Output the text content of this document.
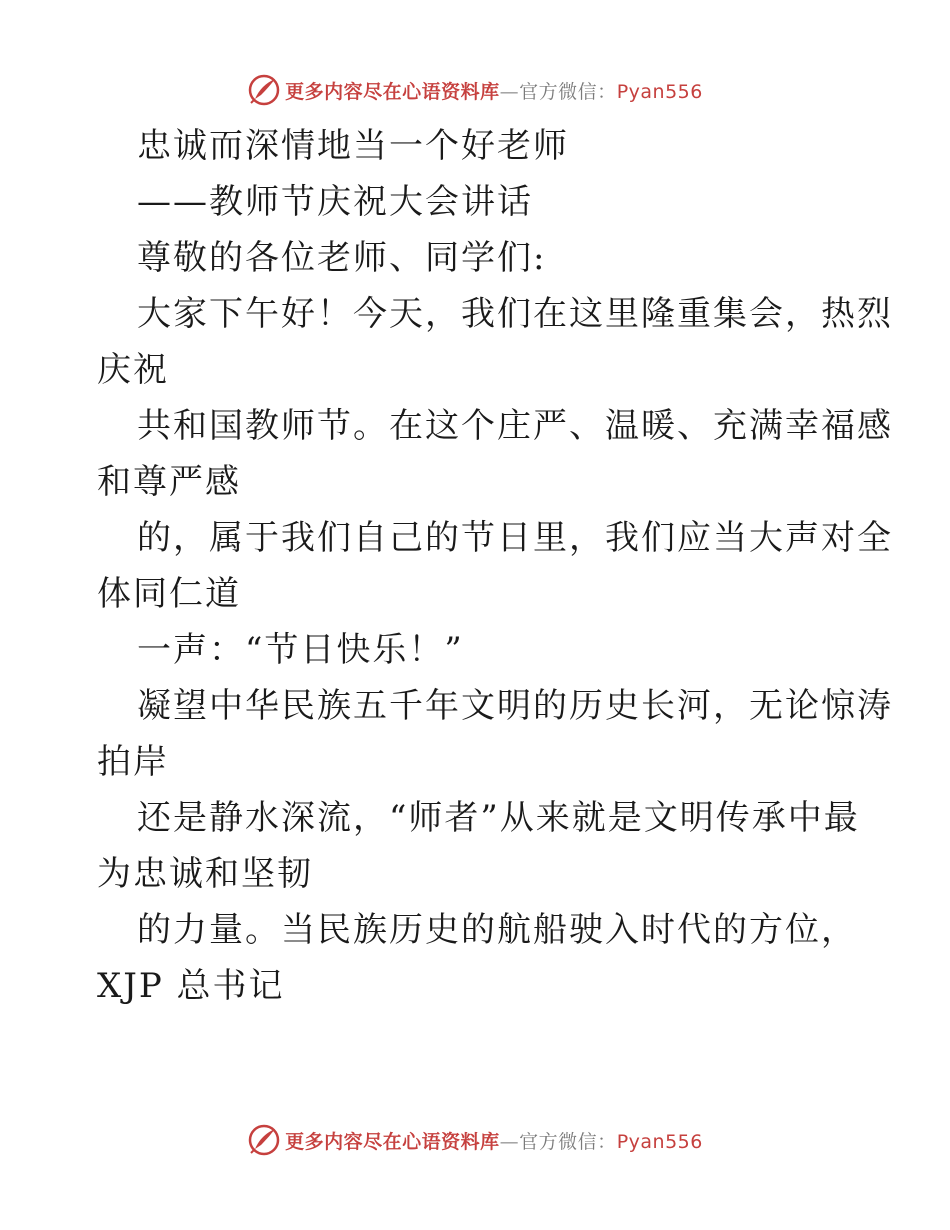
更多内容尽在心语资料库—官方微信：Pyan556
忠诚而深情地当一个好老师
——教师节庆祝大会讲话
尊敬的各位老师、同学们:
大家下午好！今天，我们在这里隆重集会，热烈
庆祝
共和国教师节。在这个庄严、温暖、充满幸福感
和尊严感
的，属于我们自己的节日里，我们应当大声对全
体同仁道
一声：“节日快乐！”
凝望中华民族五千年文明的历史长河，无论惊涛
拍岸
还是静水深流，“师者”从来就是文明传承中最
为忠诚和坚韧
的力量。当民族历史的航船驶入时代的方位，
XJP 总书记
更多内容尽在心语资料库—官方微信：Pyan556
